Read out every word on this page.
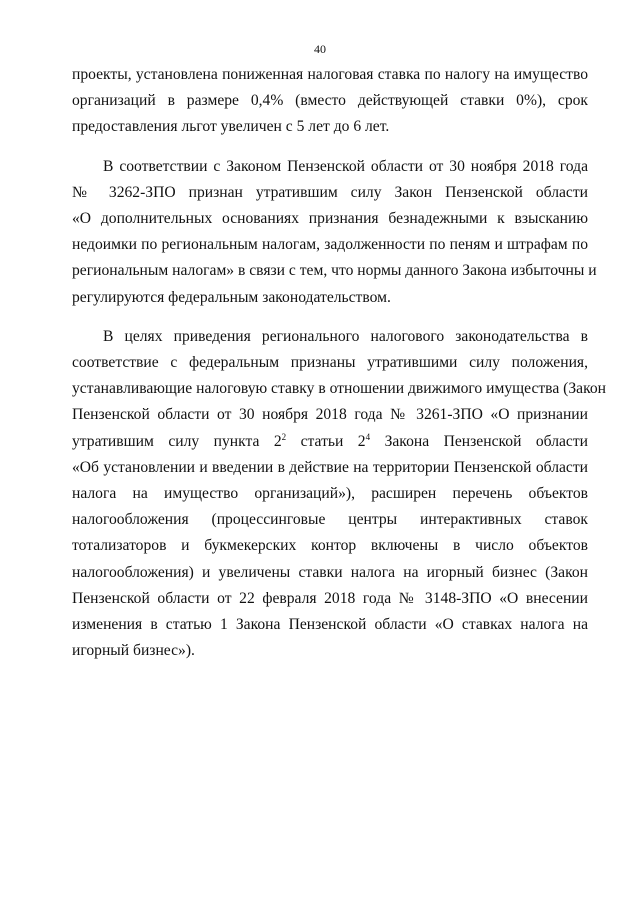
40
проекты, установлена пониженная налоговая ставка по налогу на имущество
организаций в размере 0,4% (вместо действующей ставки 0%), срок
предоставления льгот увеличен с 5 лет до 6 лет.
В соответствии с Законом Пензенской области от 30 ноября 2018 года
№ 3262-ЗПО признан утратившим силу Закон Пензенской области
«О дополнительных основаниях признания безнадежными к взысканию
недоимки по региональным налогам, задолженности по пеням и штрафам по
региональным налогам» в связи с тем, что нормы данного Закона избыточны и
регулируются федеральным законодательством.
В целях приведения регионального налогового законодательства в
соответствие с федеральным признаны утратившими силу положения,
устанавливающие налоговую ставку в отношении движимого имущества (Закон
Пензенской области от 30 ноября 2018 года № 3261-ЗПО «О признании
утратившим силу пункта $2^2$ статьи $2^4$ Закона Пензенской области
«Об установлении и введении в действие на территории Пензенской области
налога на имущество организаций»), расширен перечень объектов
налогообложения (процессинговые центры интерактивных ставок
тотализаторов и букмекерских контор включены в число объектов
налогообложения) и увеличены ставки налога на игорный бизнес (Закон
Пензенской области от 22 февраля 2018 года № 3148-ЗПО «О внесении
изменения в статью 1 Закона Пензенской области «О ставках налога на
игорный бизнес»).
